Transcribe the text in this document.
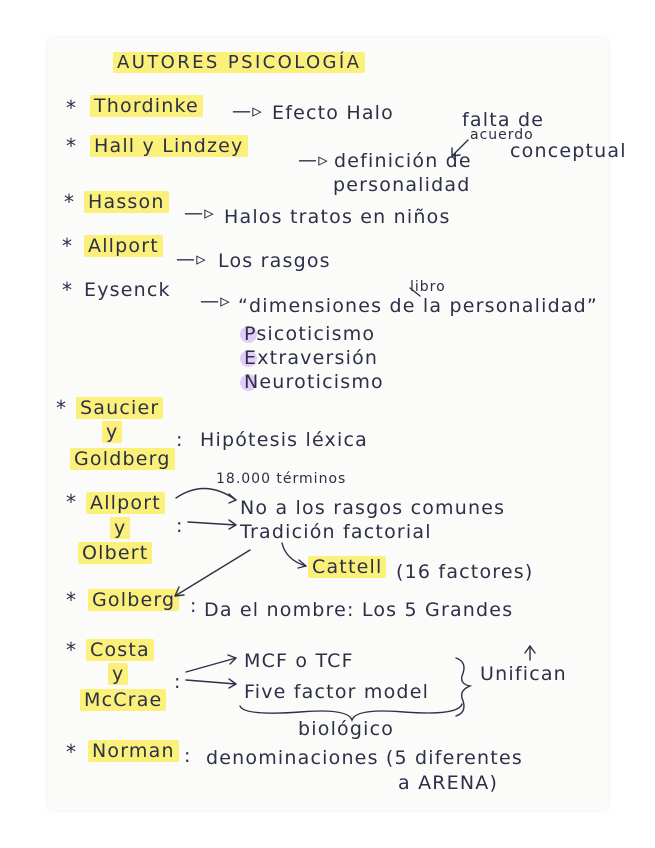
AUTORES PSICOLOGÍA
* Thordinke —▹ Efecto Halo	falta de
acuerdo
conceptual
* Hall y Lindzey
—▹ definición de
personalidad
* Hasson —▹ Halos tratos en niños
* Allport
—▹ Los rasgos
* Eysenck —▹ “dimensiones de la personalidad”
libro
Psicoticismo
Extraversión
Neuroticismo
* Saucier
y
Goldberg
: Hipótesis léxica
18.000 términos
* Allport
y
Olbert
:
No a los rasgos comunes
Tradición factorial
Cattell (16 factores)
* Golberg : Da el nombre: Los 5 Grandes
* Costa
y
McCrae
:
MCF o TCF
Five factor model
biológico
Unifican
* Norman : denominaciones (5 diferentes
a ARENA)
